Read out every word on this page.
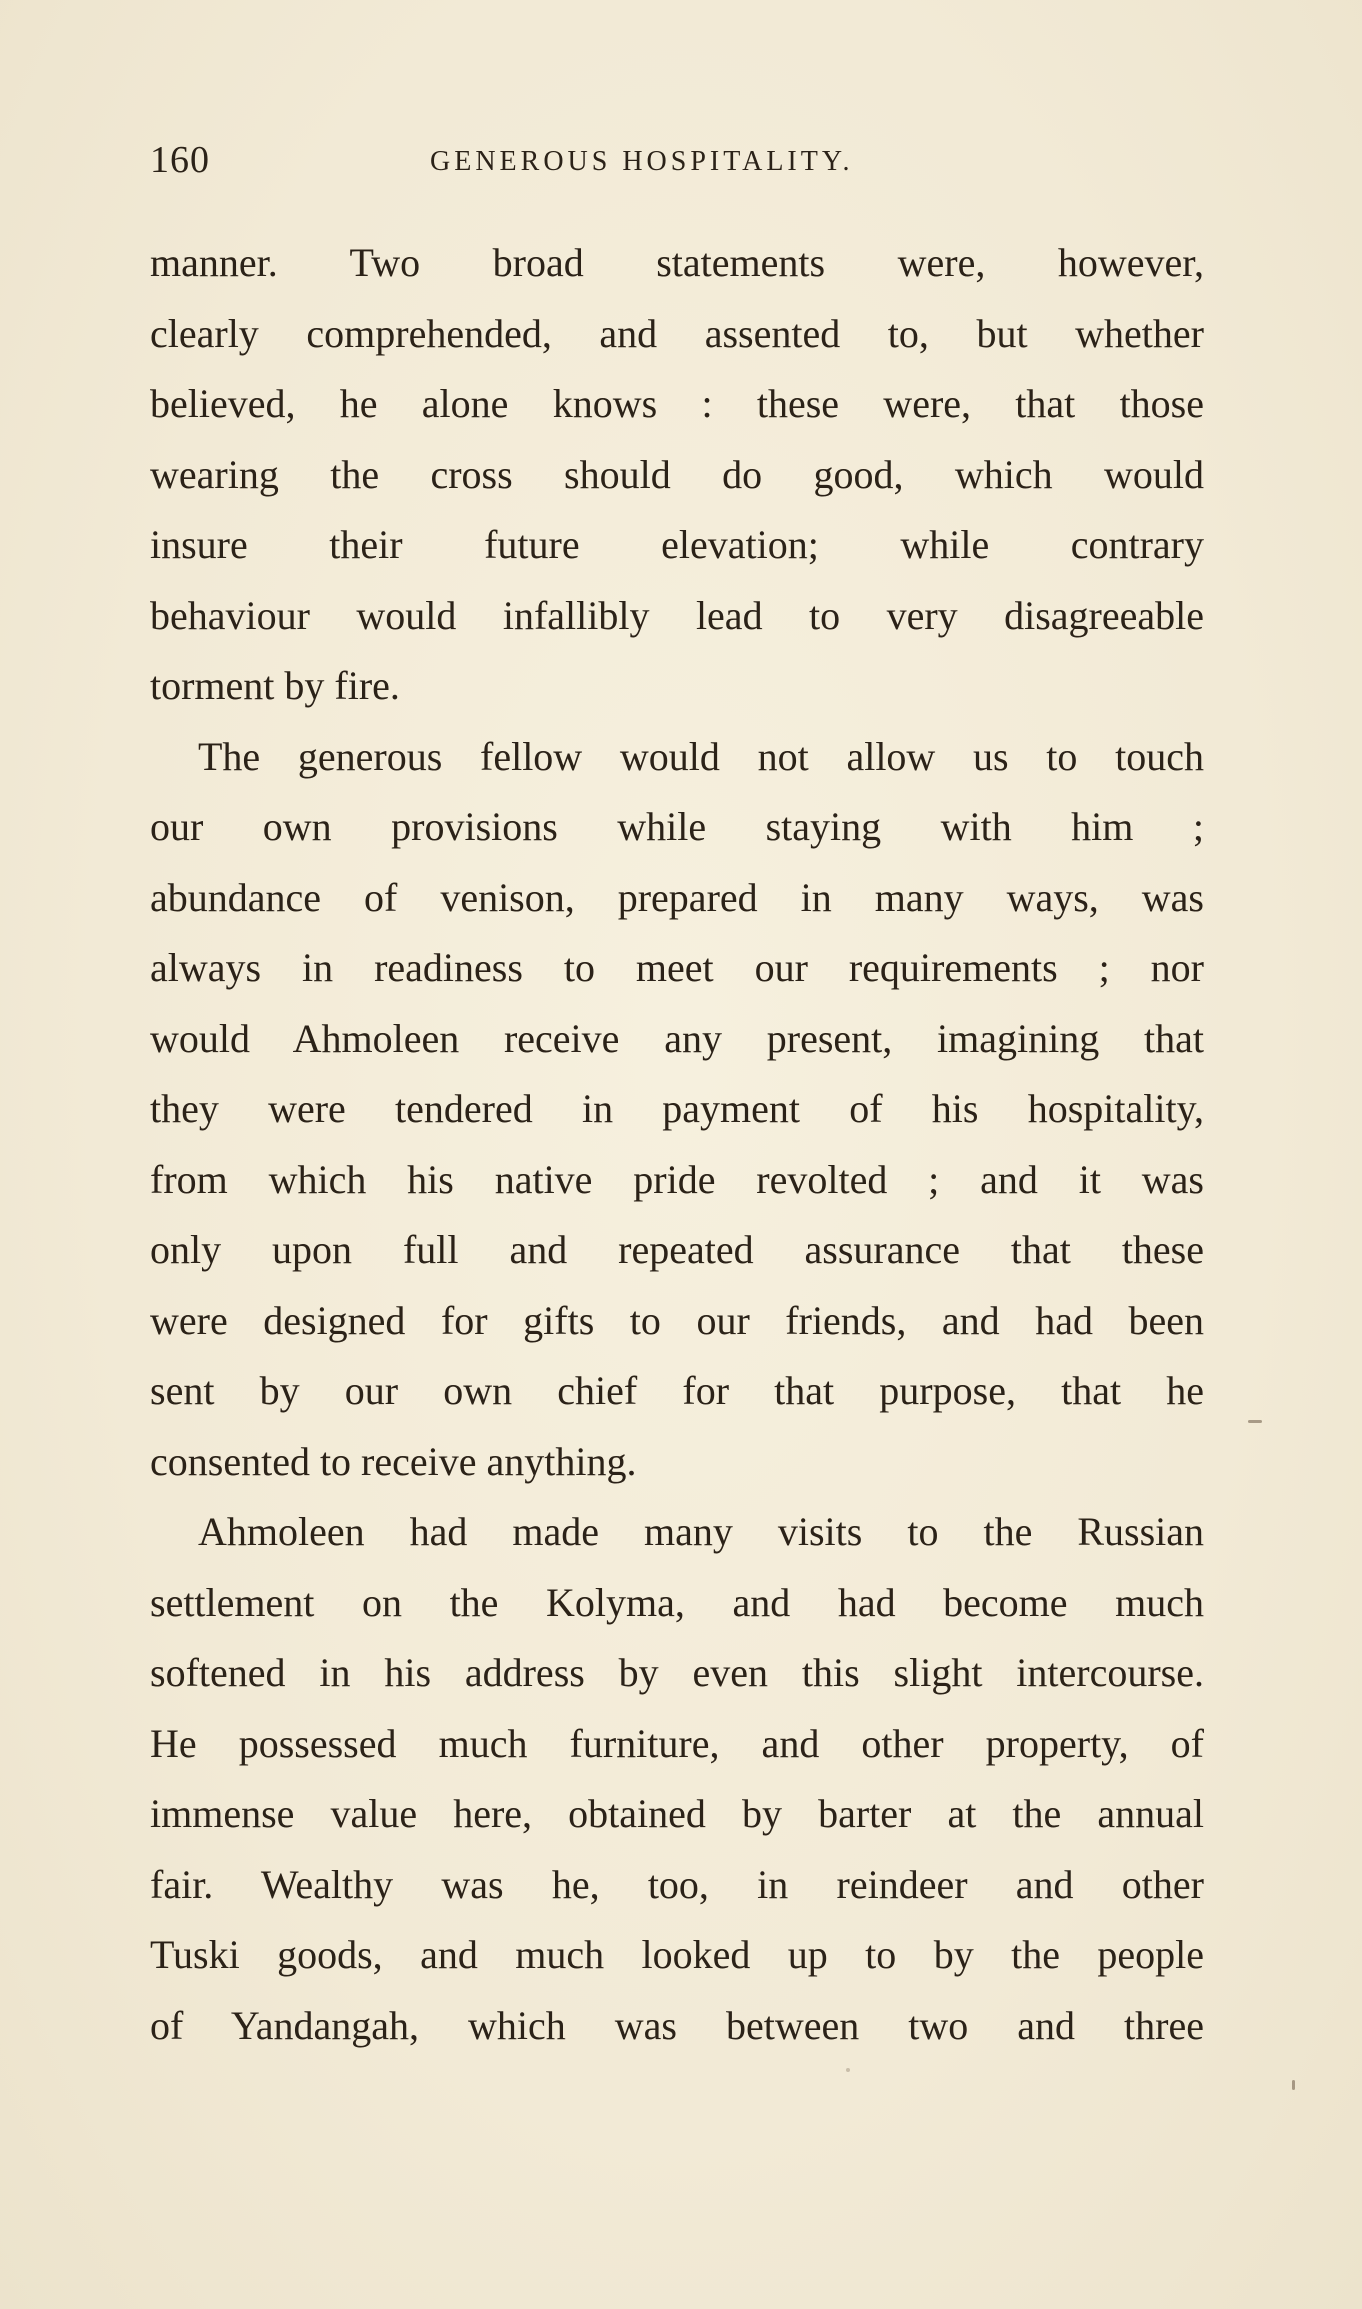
160	GENEROUS HOSPITALITY.
manner. Two broad statements were, however,
clearly comprehended, and assented to, but whether
believed, he alone knows : these were, that those
wearing the cross should do good, which would
insure their future elevation; while contrary
behaviour would infallibly lead to very disagreeable
torment by fire.
The generous fellow would not allow us to touch
our own provisions while staying with him ;
abundance of venison, prepared in many ways, was
always in readiness to meet our requirements ; nor
would Ahmoleen receive any present, imagining that
they were tendered in payment of his hospitality,
from which his native pride revolted ; and it was
only upon full and repeated assurance that these
were designed for gifts to our friends, and had been
sent by our own chief for that purpose, that he
consented to receive anything.
Ahmoleen had made many visits to the Russian
settlement on the Kolyma, and had become much
softened in his address by even this slight intercourse.
He possessed much furniture, and other property, of
immense value here, obtained by barter at the annual
fair. Wealthy was he, too, in reindeer and other
Tuski goods, and much looked up to by the people
of Yandangah, which was between two and three
